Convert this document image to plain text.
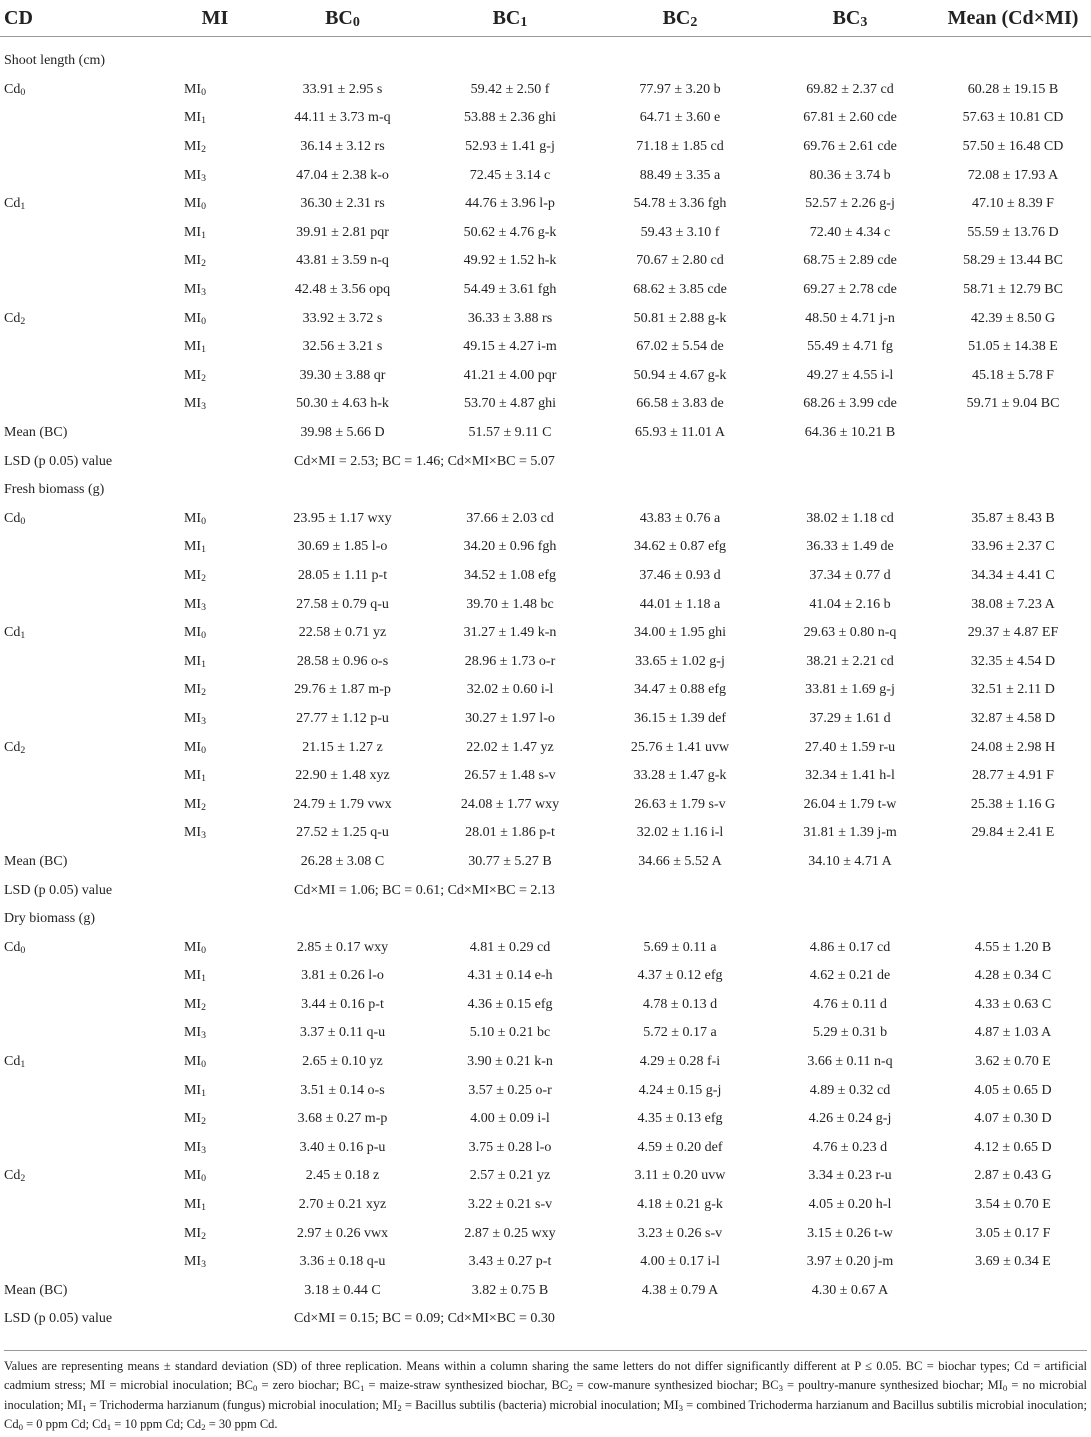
CD	MI	$BC_0$	$BC_1$	$BC_2$	$BC_3$	Mean (Cd×MI)
Shoot length (cm)						
$Cd_0$	$MI_0$	33.91 ± 2.95 s	59.42 ± 2.50 f	77.97 ± 3.20 b	69.82 ± 2.37 cd	60.28 ± 19.15 B
	$MI_1$	44.11 ± 3.73 m-q	53.88 ± 2.36 ghi	64.71 ± 3.60 e	67.81 ± 2.60 cde	57.63 ± 10.81 CD
	$MI_2$	36.14 ± 3.12 rs	52.93 ± 1.41 g-j	71.18 ± 1.85 cd	69.76 ± 2.61 cde	57.50 ± 16.48 CD
	$MI_3$	47.04 ± 2.38 k-o	72.45 ± 3.14 c	88.49 ± 3.35 a	80.36 ± 3.74 b	72.08 ± 17.93 A
$Cd_1$	$MI_0$	36.30 ± 2.31 rs	44.76 ± 3.96 l-p	54.78 ± 3.36 fgh	52.57 ± 2.26 g-j	47.10 ± 8.39 F
	$MI_1$	39.91 ± 2.81 pqr	50.62 ± 4.76 g-k	59.43 ± 3.10 f	72.40 ± 4.34 c	55.59 ± 13.76 D
	$MI_2$	43.81 ± 3.59 n-q	49.92 ± 1.52 h-k	70.67 ± 2.80 cd	68.75 ± 2.89 cde	58.29 ± 13.44 BC
	$MI_3$	42.48 ± 3.56 opq	54.49 ± 3.61 fgh	68.62 ± 3.85 cde	69.27 ± 2.78 cde	58.71 ± 12.79 BC
$Cd_2$	$MI_0$	33.92 ± 3.72 s	36.33 ± 3.88 rs	50.81 ± 2.88 g-k	48.50 ± 4.71 j-n	42.39 ± 8.50 G
	$MI_1$	32.56 ± 3.21 s	49.15 ± 4.27 i-m	67.02 ± 5.54 de	55.49 ± 4.71 fg	51.05 ± 14.38 E
	$MI_2$	39.30 ± 3.88 qr	41.21 ± 4.00 pqr	50.94 ± 4.67 g-k	49.27 ± 4.55 i-l	45.18 ± 5.78 F
	$MI_3$	50.30 ± 4.63 h-k	53.70 ± 4.87 ghi	66.58 ± 3.83 de	68.26 ± 3.99 cde	59.71 ± 9.04 BC
Mean (BC)		39.98 ± 5.66 D	51.57 ± 9.11 C	65.93 ± 11.01 A	64.36 ± 10.21 B	
LSD (p 0.05) value		Cd×MI = 2.53; BC = 1.46; Cd×MI×BC = 5.07				
Fresh biomass (g)						
$Cd_0$	$MI_0$	23.95 ± 1.17 wxy	37.66 ± 2.03 cd	43.83 ± 0.76 a	38.02 ± 1.18 cd	35.87 ± 8.43 B
	$MI_1$	30.69 ± 1.85 l-o	34.20 ± 0.96 fgh	34.62 ± 0.87 efg	36.33 ± 1.49 de	33.96 ± 2.37 C
	$MI_2$	28.05 ± 1.11 p-t	34.52 ± 1.08 efg	37.46 ± 0.93 d	37.34 ± 0.77 d	34.34 ± 4.41 C
	$MI_3$	27.58 ± 0.79 q-u	39.70 ± 1.48 bc	44.01 ± 1.18 a	41.04 ± 2.16 b	38.08 ± 7.23 A
$Cd_1$	$MI_0$	22.58 ± 0.71 yz	31.27 ± 1.49 k-n	34.00 ± 1.95 ghi	29.63 ± 0.80 n-q	29.37 ± 4.87 EF
	$MI_1$	28.58 ± 0.96 o-s	28.96 ± 1.73 o-r	33.65 ± 1.02 g-j	38.21 ± 2.21 cd	32.35 ± 4.54 D
	$MI_2$	29.76 ± 1.87 m-p	32.02 ± 0.60 i-l	34.47 ± 0.88 efg	33.81 ± 1.69 g-j	32.51 ± 2.11 D
	$MI_3$	27.77 ± 1.12 p-u	30.27 ± 1.97 l-o	36.15 ± 1.39 def	37.29 ± 1.61 d	32.87 ± 4.58 D
$Cd_2$	$MI_0$	21.15 ± 1.27 z	22.02 ± 1.47 yz	25.76 ± 1.41 uvw	27.40 ± 1.59 r-u	24.08 ± 2.98 H
	$MI_1$	22.90 ± 1.48 xyz	26.57 ± 1.48 s-v	33.28 ± 1.47 g-k	32.34 ± 1.41 h-l	28.77 ± 4.91 F
	$MI_2$	24.79 ± 1.79 vwx	24.08 ± 1.77 wxy	26.63 ± 1.79 s-v	26.04 ± 1.79 t-w	25.38 ± 1.16 G
	$MI_3$	27.52 ± 1.25 q-u	28.01 ± 1.86 p-t	32.02 ± 1.16 i-l	31.81 ± 1.39 j-m	29.84 ± 2.41 E
Mean (BC)		26.28 ± 3.08 C	30.77 ± 5.27 B	34.66 ± 5.52 A	34.10 ± 4.71 A	
LSD (p 0.05) value		Cd×MI = 1.06; BC = 0.61; Cd×MI×BC = 2.13				
Dry biomass (g)						
$Cd_0$	$MI_0$	2.85 ± 0.17 wxy	4.81 ± 0.29 cd	5.69 ± 0.11 a	4.86 ± 0.17 cd	4.55 ± 1.20 B
	$MI_1$	3.81 ± 0.26 l-o	4.31 ± 0.14 e-h	4.37 ± 0.12 efg	4.62 ± 0.21 de	4.28 ± 0.34 C
	$MI_2$	3.44 ± 0.16 p-t	4.36 ± 0.15 efg	4.78 ± 0.13 d	4.76 ± 0.11 d	4.33 ± 0.63 C
	$MI_3$	3.37 ± 0.11 q-u	5.10 ± 0.21 bc	5.72 ± 0.17 a	5.29 ± 0.31 b	4.87 ± 1.03 A
$Cd_1$	$MI_0$	2.65 ± 0.10 yz	3.90 ± 0.21 k-n	4.29 ± 0.28 f-i	3.66 ± 0.11 n-q	3.62 ± 0.70 E
	$MI_1$	3.51 ± 0.14 o-s	3.57 ± 0.25 o-r	4.24 ± 0.15 g-j	4.89 ± 0.32 cd	4.05 ± 0.65 D
	$MI_2$	3.68 ± 0.27 m-p	4.00 ± 0.09 i-l	4.35 ± 0.13 efg	4.26 ± 0.24 g-j	4.07 ± 0.30 D
	$MI_3$	3.40 ± 0.16 p-u	3.75 ± 0.28 l-o	4.59 ± 0.20 def	4.76 ± 0.23 d	4.12 ± 0.65 D
$Cd_2$	$MI_0$	2.45 ± 0.18 z	2.57 ± 0.21 yz	3.11 ± 0.20 uvw	3.34 ± 0.23 r-u	2.87 ± 0.43 G
	$MI_1$	2.70 ± 0.21 xyz	3.22 ± 0.21 s-v	4.18 ± 0.21 g-k	4.05 ± 0.20 h-l	3.54 ± 0.70 E
	$MI_2$	2.97 ± 0.26 vwx	2.87 ± 0.25 wxy	3.23 ± 0.26 s-v	3.15 ± 0.26 t-w	3.05 ± 0.17 F
	$MI_3$	3.36 ± 0.18 q-u	3.43 ± 0.27 p-t	4.00 ± 0.17 i-l	3.97 ± 0.20 j-m	3.69 ± 0.34 E
Mean (BC)		3.18 ± 0.44 C	3.82 ± 0.75 B	4.38 ± 0.79 A	4.30 ± 0.67 A	
LSD (p 0.05) value		Cd×MI = 0.15; BC = 0.09; Cd×MI×BC = 0.30				
Values are representing means ± standard deviation (SD) of three replication. Means within a column sharing the same letters do not differ significantly different at P ≤ 0.05. BC = biochar types; Cd = artificial cadmium stress; MI = microbial inoculation; $BC_0$ = zero biochar; $BC_1$ = maize-straw synthesized biochar, $BC_2$ = cow-manure synthesized biochar; $BC_3$ = poultry-manure synthesized biochar; $MI_0$ = no microbial inoculation; $MI_1$ = Trichoderma harzianum (fungus) microbial inoculation; $MI_2$ = Bacillus subtilis (bacteria) microbial inoculation; $MI_3$ = combined Trichoderma harzianum and Bacillus subtilis microbial inoculation; $Cd_0 = 0$ ppm Cd; $Cd_1 = 10$ ppm Cd; $Cd_2 = 30$ ppm Cd.
